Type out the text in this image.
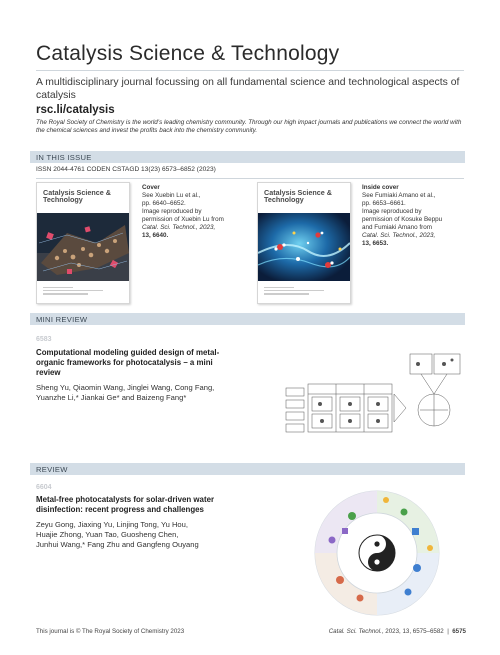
Catalysis Science & Technology
A multidisciplinary journal focussing on all fundamental science and technological aspects of catalysis
rsc.li/catalysis
The Royal Society of Chemistry is the world’s leading chemistry community. Through our high impact journals and publications we connect the world with the chemical sciences and invest the profits back into the chemistry community.
IN THIS ISSUE
ISSN 2044-4761 CODEN CSTAGD 13(23) 6573–6852 (2023)
Catalysis Science & Technology
Cover
See Xuebin Lu et al.,
pp. 6640–6652.
Image reproduced by
permission of Xuebin Lu from
Catal. Sci. Technol., 2023,
13, 6640.
Catalysis Science & Technology
Inside cover
See Fumiaki Amano et al.,
pp. 6653–6661.
Image reproduced by
permission of Kosuke Beppu
and Fumiaki Amano from
Catal. Sci. Technol., 2023,
13, 6653.
MINI REVIEW
6583
Computational modeling guided design of metal-
organic frameworks for photocatalysis – a mini
review
Sheng Yu, Qiaomin Wang, Jinglei Wang, Cong Fang,
Yuanzhe Li,* Jiankai Ge* and Baizeng Fang*
REVIEW
6604
Metal-free photocatalysts for solar-driven water
disinfection: recent progress and challenges
Zeyu Gong, Jiaxing Yu, Linjing Tong, Yu Hou,
Huajie Zhong, Yuan Tao, Guosheng Chen,
Junhui Wang,* Fang Zhu and Gangfeng Ouyang
This journal is © The Royal Society of Chemistry 2023	Catal. Sci. Technol., 2023, 13, 6575–6582  |  6575
